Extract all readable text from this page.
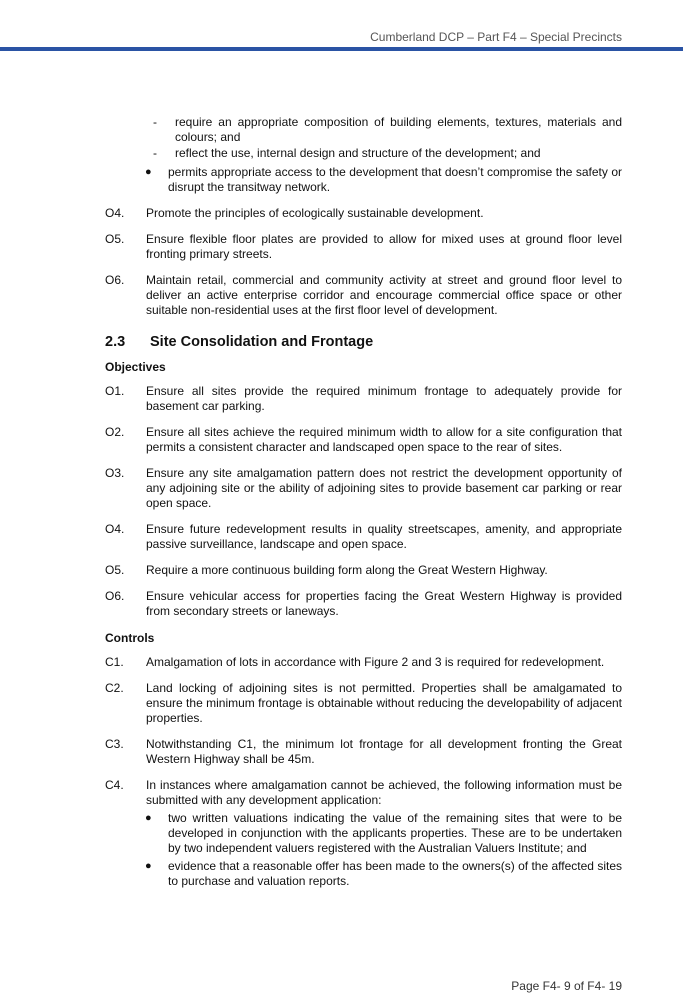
Cumberland DCP – Part F4 – Special Precincts
- require an appropriate composition of building elements, textures, materials and colours; and

- reflect the use, internal design and structure of the development; and

●	permits appropriate access to the development that doesn’t compromise the safety or disrupt the transitway network.

O4. Promote the principles of ecologically sustainable development.
O5. Ensure flexible floor plates are provided to allow for mixed uses at ground floor level fronting primary streets.
O6. Maintain retail, commercial and community activity at street and ground floor level to deliver an active enterprise corridor and encourage commercial office space or other suitable non-residential uses at the first floor level of development.
2.3 Site Consolidation and Frontage
Objectives
O1. Ensure all sites provide the required minimum frontage to adequately provide for basement car parking.
O2. Ensure all sites achieve the required minimum width to allow for a site configuration that permits a consistent character and landscaped open space to the rear of sites.
O3. Ensure any site amalgamation pattern does not restrict the development opportunity of any adjoining site or the ability of adjoining sites to provide basement car parking or rear open space.
O4. Ensure future redevelopment results in quality streetscapes, amenity, and appropriate passive surveillance, landscape and open space.
O5. Require a more continuous building form along the Great Western Highway.
O6. Ensure vehicular access for properties facing the Great Western Highway is provided from secondary streets or laneways.
Controls
C1. Amalgamation of lots in accordance with Figure 2 and 3 is required for redevelopment.
C2. Land locking of adjoining sites is not permitted. Properties shall be amalgamated to ensure the minimum frontage is obtainable without reducing the developability of adjacent properties.
C3. Notwithstanding C1, the minimum lot frontage for all development fronting the Great Western Highway shall be 45m.
C4. In instances where amalgamation cannot be achieved, the following information must be submitted with any development application:
● two written valuations indicating the value of the remaining sites that were to be developed in conjunction with the applicants properties. These are to be undertaken by two independent valuers registered with the Australian Valuers Institute; and

● evidence that a reasonable offer has been made to the owners(s) of the affected sites to purchase and valuation reports.

Page F4- 9 of F4- 19
